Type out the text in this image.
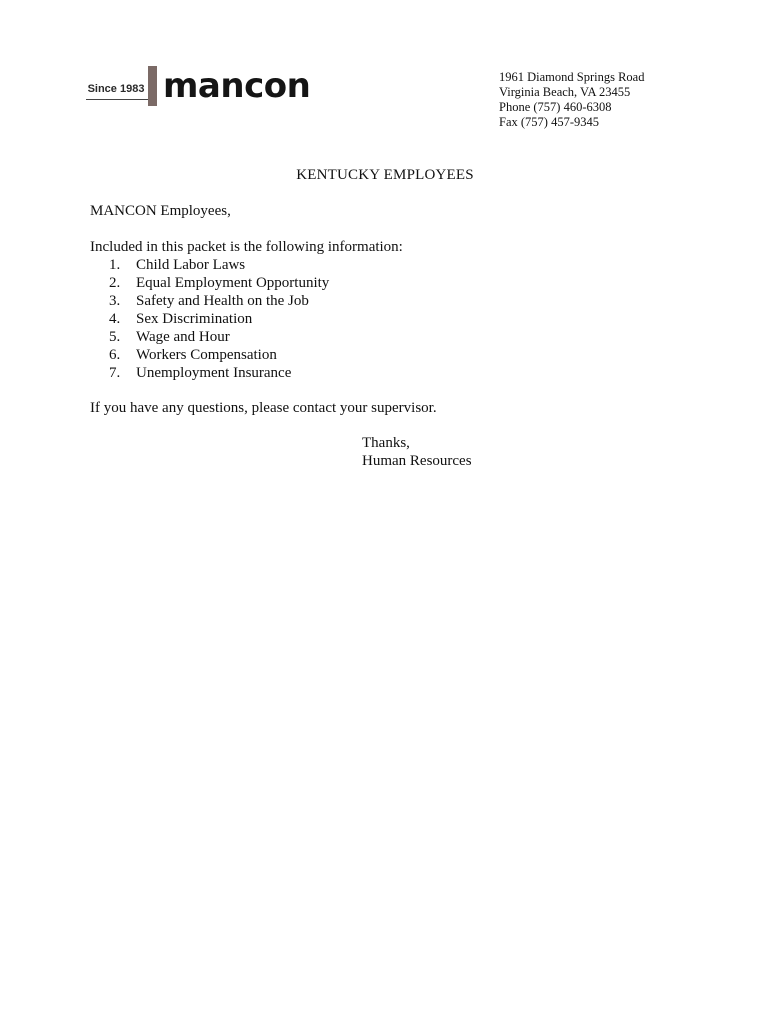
Since 1983 mancon	1961 Diamond Springs Road
Virginia Beach, VA 23455
Phone (757) 460-6308
Fax (757) 457-9345
KENTUCKY EMPLOYEES
MANCON Employees,
Included in this packet is the following information:
1.	Child Labor Laws
2.	Equal Employment Opportunity
3.	Safety and Health on the Job
4.	Sex Discrimination
5.	Wage and Hour
6.	Workers Compensation
7.	Unemployment Insurance
If you have any questions, please contact your supervisor.
Thanks,
Human Resources
